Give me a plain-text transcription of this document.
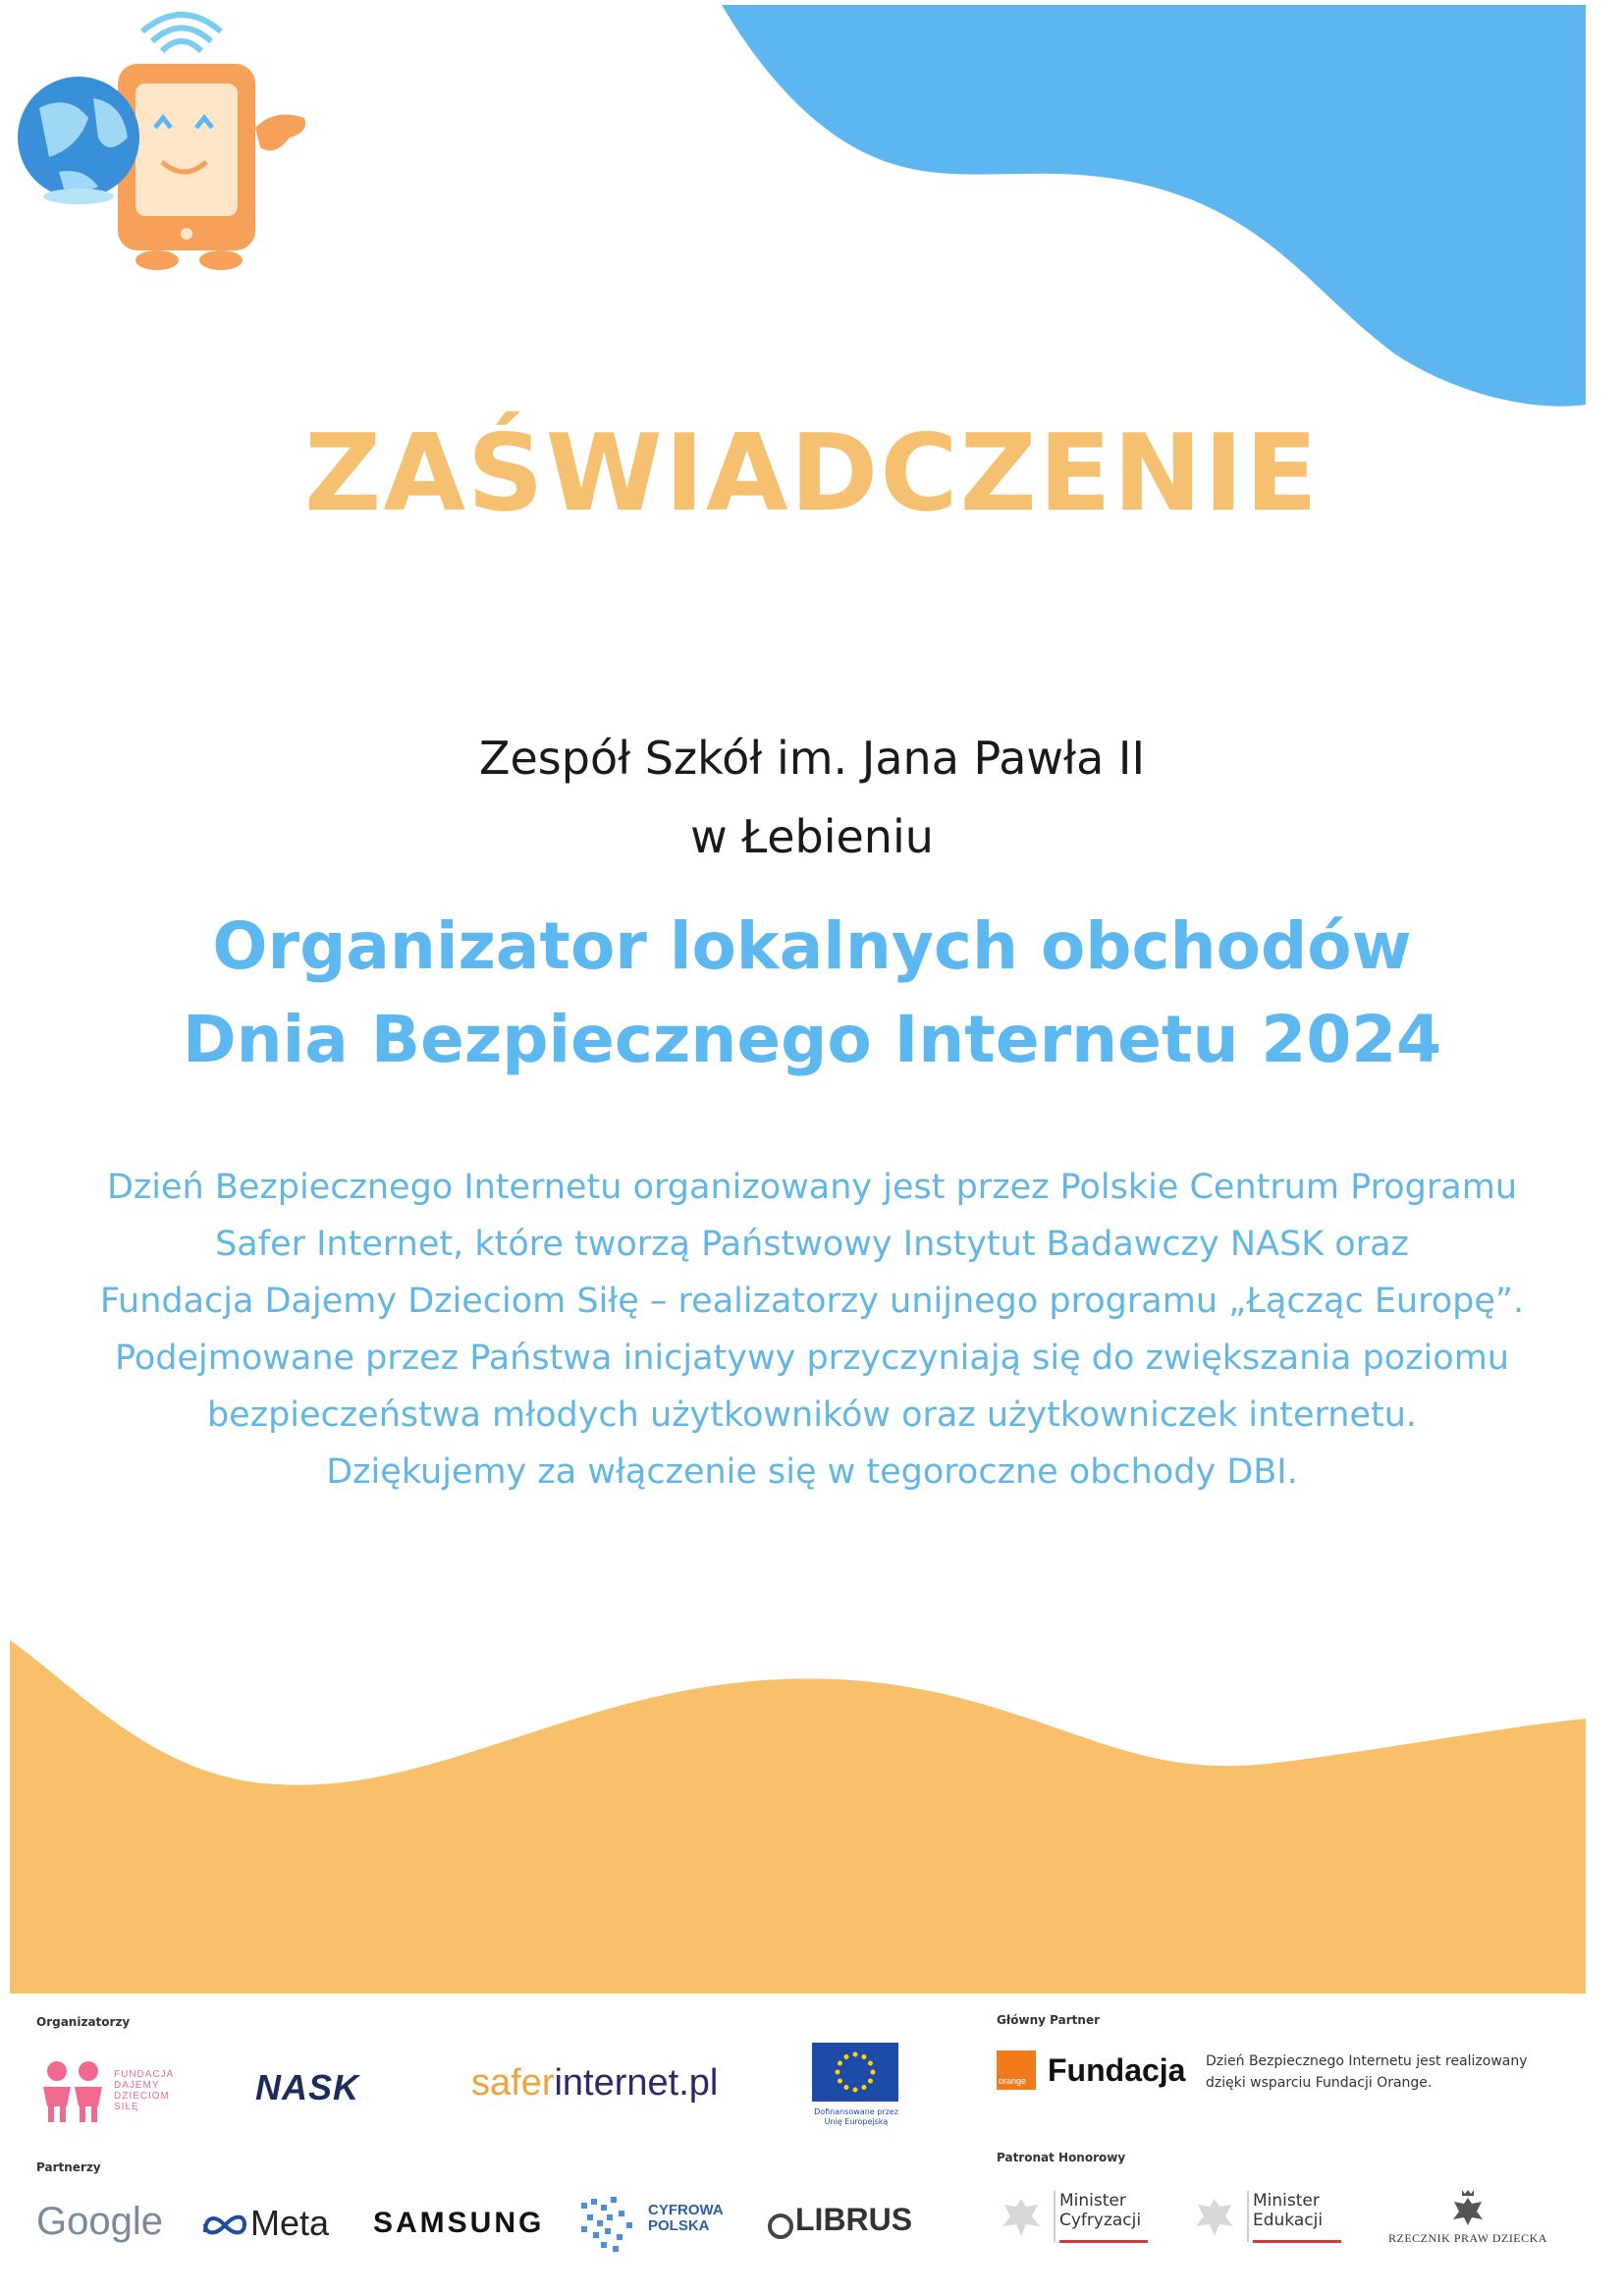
ZAŚWIADCZENIE
Zespół Szkół im. Jana Pawła II
w Łebieniu
Organizator lokalnych obchodów
Dnia Bezpiecznego Internetu 2024
Dzień Bezpiecznego Internetu organizowany jest przez Polskie Centrum Programu
Safer Internet, które tworzą Państwowy Instytut Badawczy NASK oraz
Fundacja Dajemy Dzieciom Siłę – realizatorzy unijnego programu „Łącząc Europę”.
Podejmowane przez Państwa inicjatywy przyczyniają się do zwiększania poziomu
bezpieczeństwa młodych użytkowników oraz użytkowniczek internetu.
Dziękujemy za włączenie się w tegoroczne obchody DBI.
Organizatorzy
Partnerzy
Główny Partner
Patronat Honorowy
FUNDACJA
DAJEMY
DZIECIOM
SIŁĘ	NASK	saferinternet.pl
Dofinansowane przez
Unię Europejską
orange Fundacja Dzień Bezpiecznego Internetu jest realizowany
dzięki wsparciu Fundacji Orange.
Google Meta SAMSUNG	CYFROWA
POLSKA	LIBRUS
Minister
Cyfryzacji
Minister
Edukacji
RZECZNIK PRAW DZIECKA
